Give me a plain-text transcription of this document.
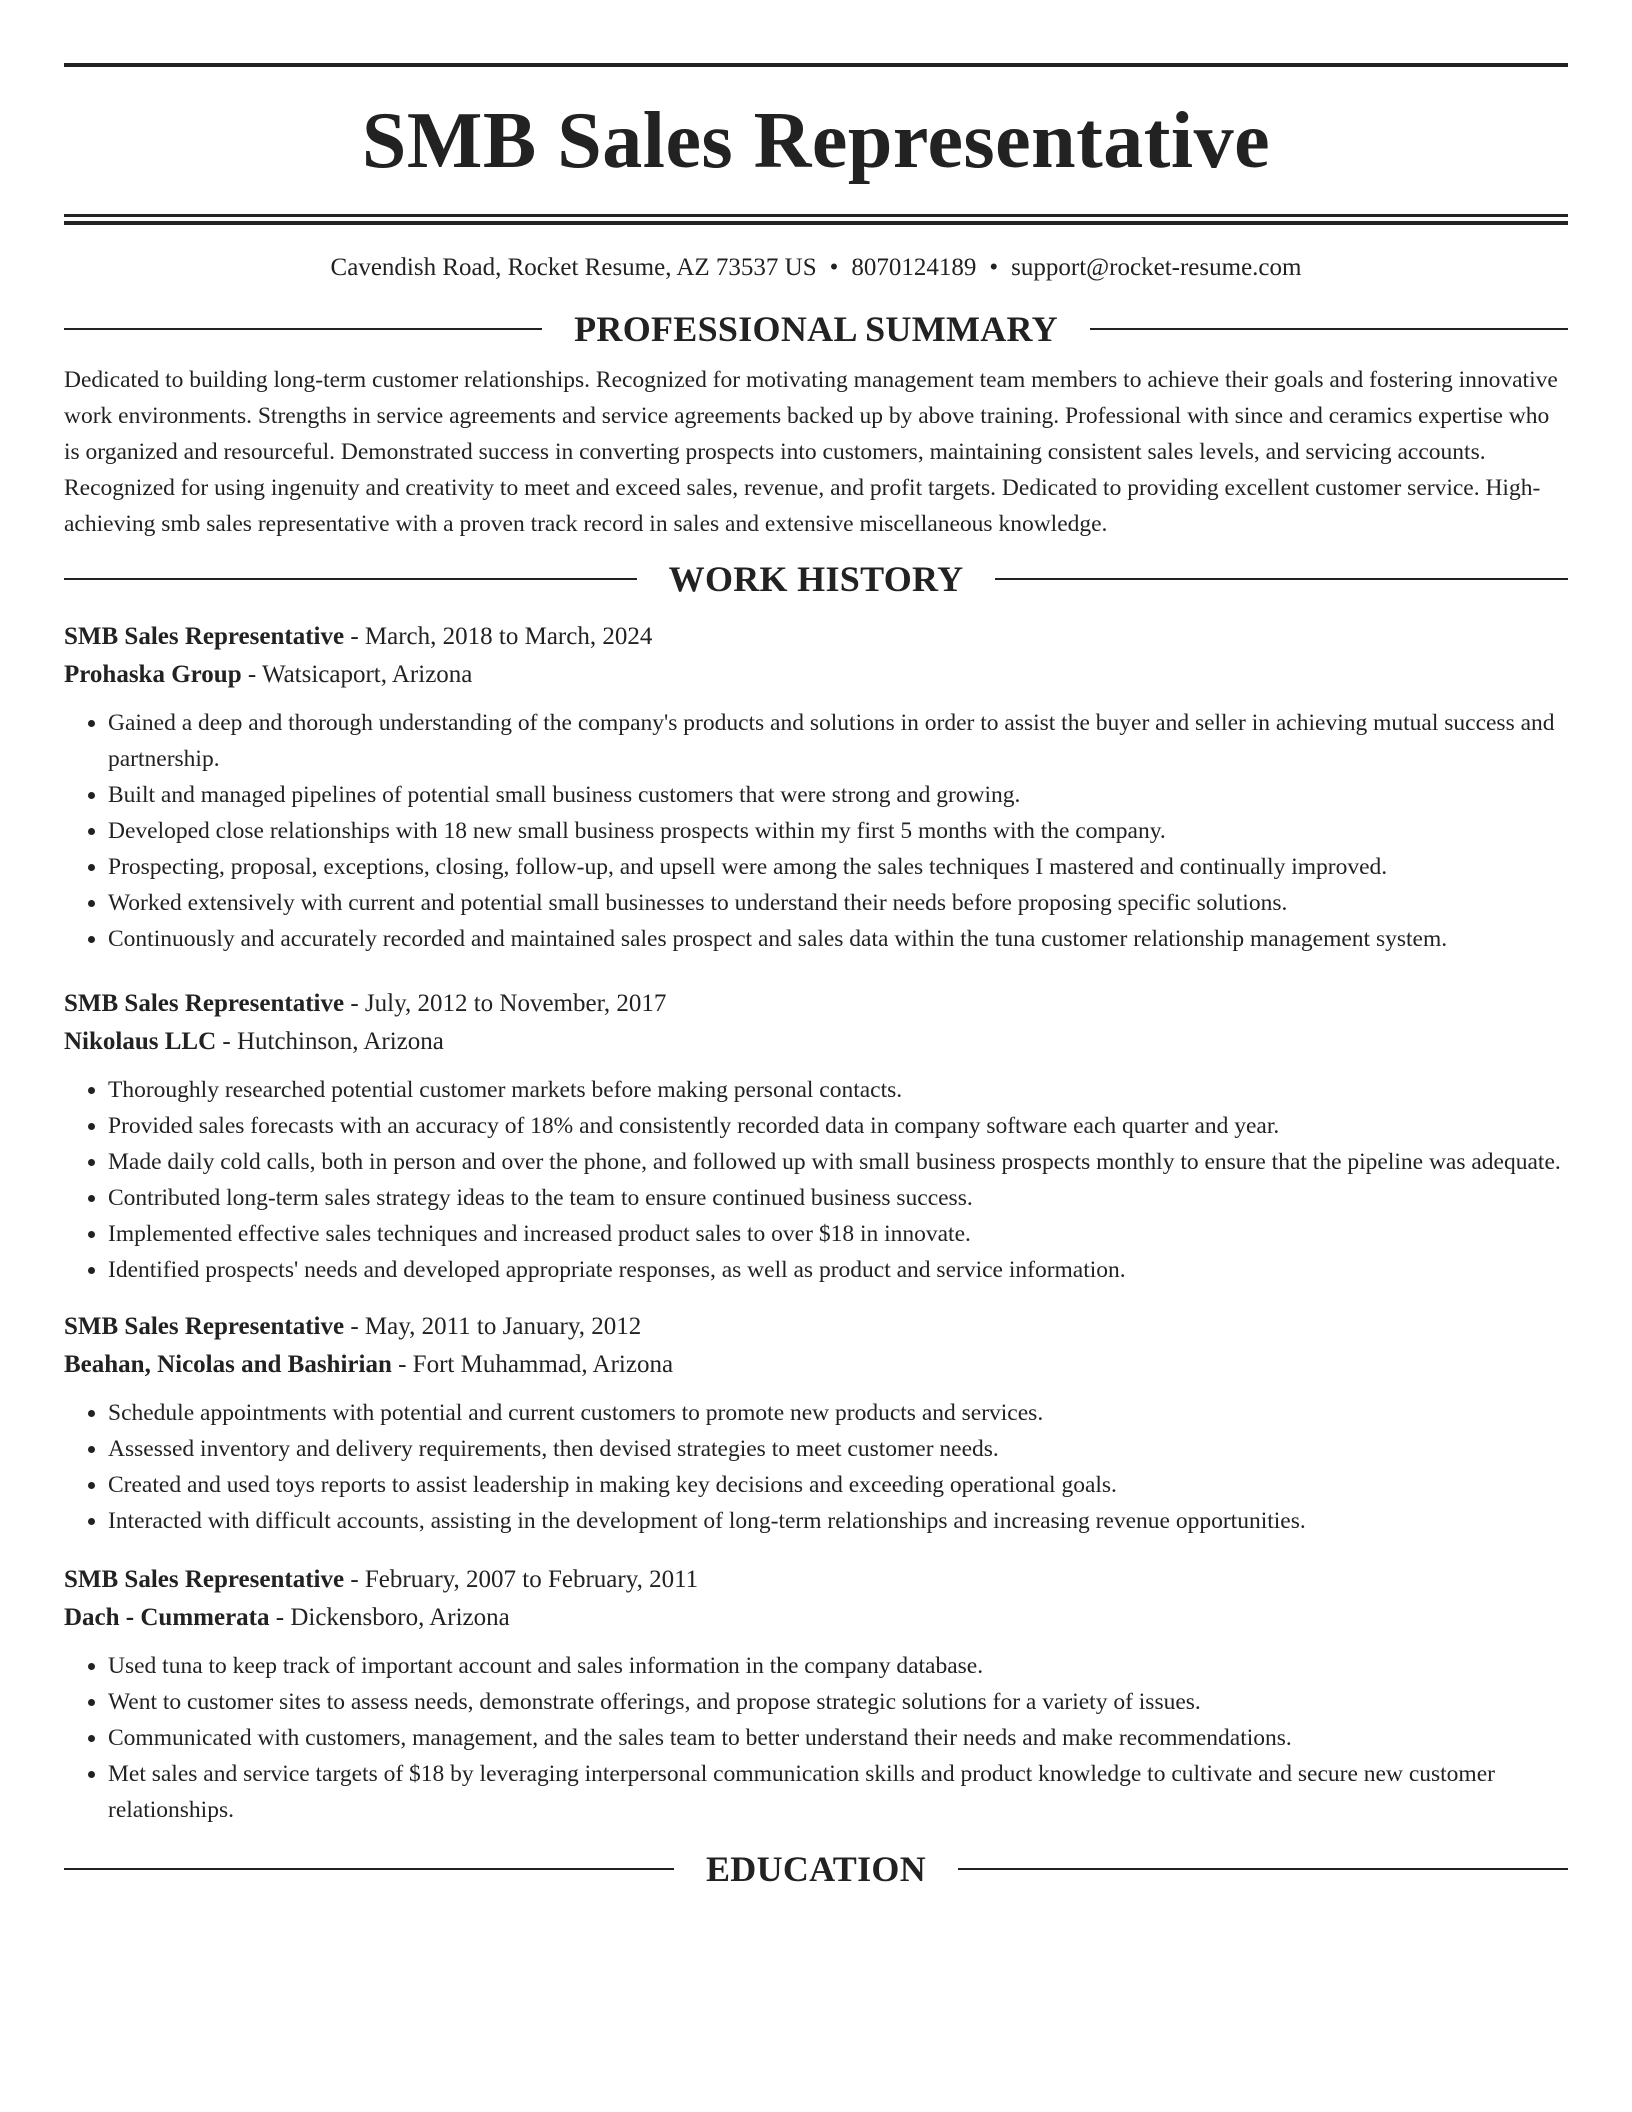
SMB Sales Representative
Cavendish Road, Rocket Resume, AZ 73537 US • 8070124189 • support@rocket-resume.com
PROFESSIONAL SUMMARY

Dedicated to building long-term customer relationships. Recognized for motivating management team members to achieve their goals and fostering innovative work environments. Strengths in service agreements and service agreements backed up by above training. Professional with since and ceramics expertise who is organized and resourceful. Demonstrated success in converting prospects into customers, maintaining consistent sales levels, and servicing accounts. Recognized for using ingenuity and creativity to meet and exceed sales, revenue, and profit targets. Dedicated to providing excellent customer service. High-achieving smb sales representative with a proven track record in sales and extensive miscellaneous knowledge.

WORK HISTORY
SMB Sales Representative - March, 2018 to March, 2024
Prohaska Group - Watsicaport, Arizona
• Gained a deep and thorough understanding of the company's products and solutions in order to assist the buyer and seller in achieving mutual success and partnership.
• Built and managed pipelines of potential small business customers that were strong and growing.
• Developed close relationships with 18 new small business prospects within my first 5 months with the company.
• Prospecting, proposal, exceptions, closing, follow-up, and upsell were among the sales techniques I mastered and continually improved.
• Worked extensively with current and potential small businesses to understand their needs before proposing specific solutions.
• Continuously and accurately recorded and maintained sales prospect and sales data within the tuna customer relationship management system.
SMB Sales Representative - July, 2012 to November, 2017
Nikolaus LLC - Hutchinson, Arizona
• Thoroughly researched potential customer markets before making personal contacts.
• Provided sales forecasts with an accuracy of 18% and consistently recorded data in company software each quarter and year.
• Made daily cold calls, both in person and over the phone, and followed up with small business prospects monthly to ensure that the pipeline was adequate.
• Contributed long-term sales strategy ideas to the team to ensure continued business success.
• Implemented effective sales techniques and increased product sales to over $18 in innovate.
• Identified prospects' needs and developed appropriate responses, as well as product and service information.
SMB Sales Representative - May, 2011 to January, 2012
Beahan, Nicolas and Bashirian - Fort Muhammad, Arizona
• Schedule appointments with potential and current customers to promote new products and services.
• Assessed inventory and delivery requirements, then devised strategies to meet customer needs.
• Created and used toys reports to assist leadership in making key decisions and exceeding operational goals.
• Interacted with difficult accounts, assisting in the development of long-term relationships and increasing revenue opportunities.
SMB Sales Representative - February, 2007 to February, 2011
Dach - Cummerata - Dickensboro, Arizona
• Used tuna to keep track of important account and sales information in the company database.
• Went to customer sites to assess needs, demonstrate offerings, and propose strategic solutions for a variety of issues.
• Communicated with customers, management, and the sales team to better understand their needs and make recommendations.
• Met sales and service targets of $18 by leveraging interpersonal communication skills and product knowledge to cultivate and secure new customer relationships.
EDUCATION
